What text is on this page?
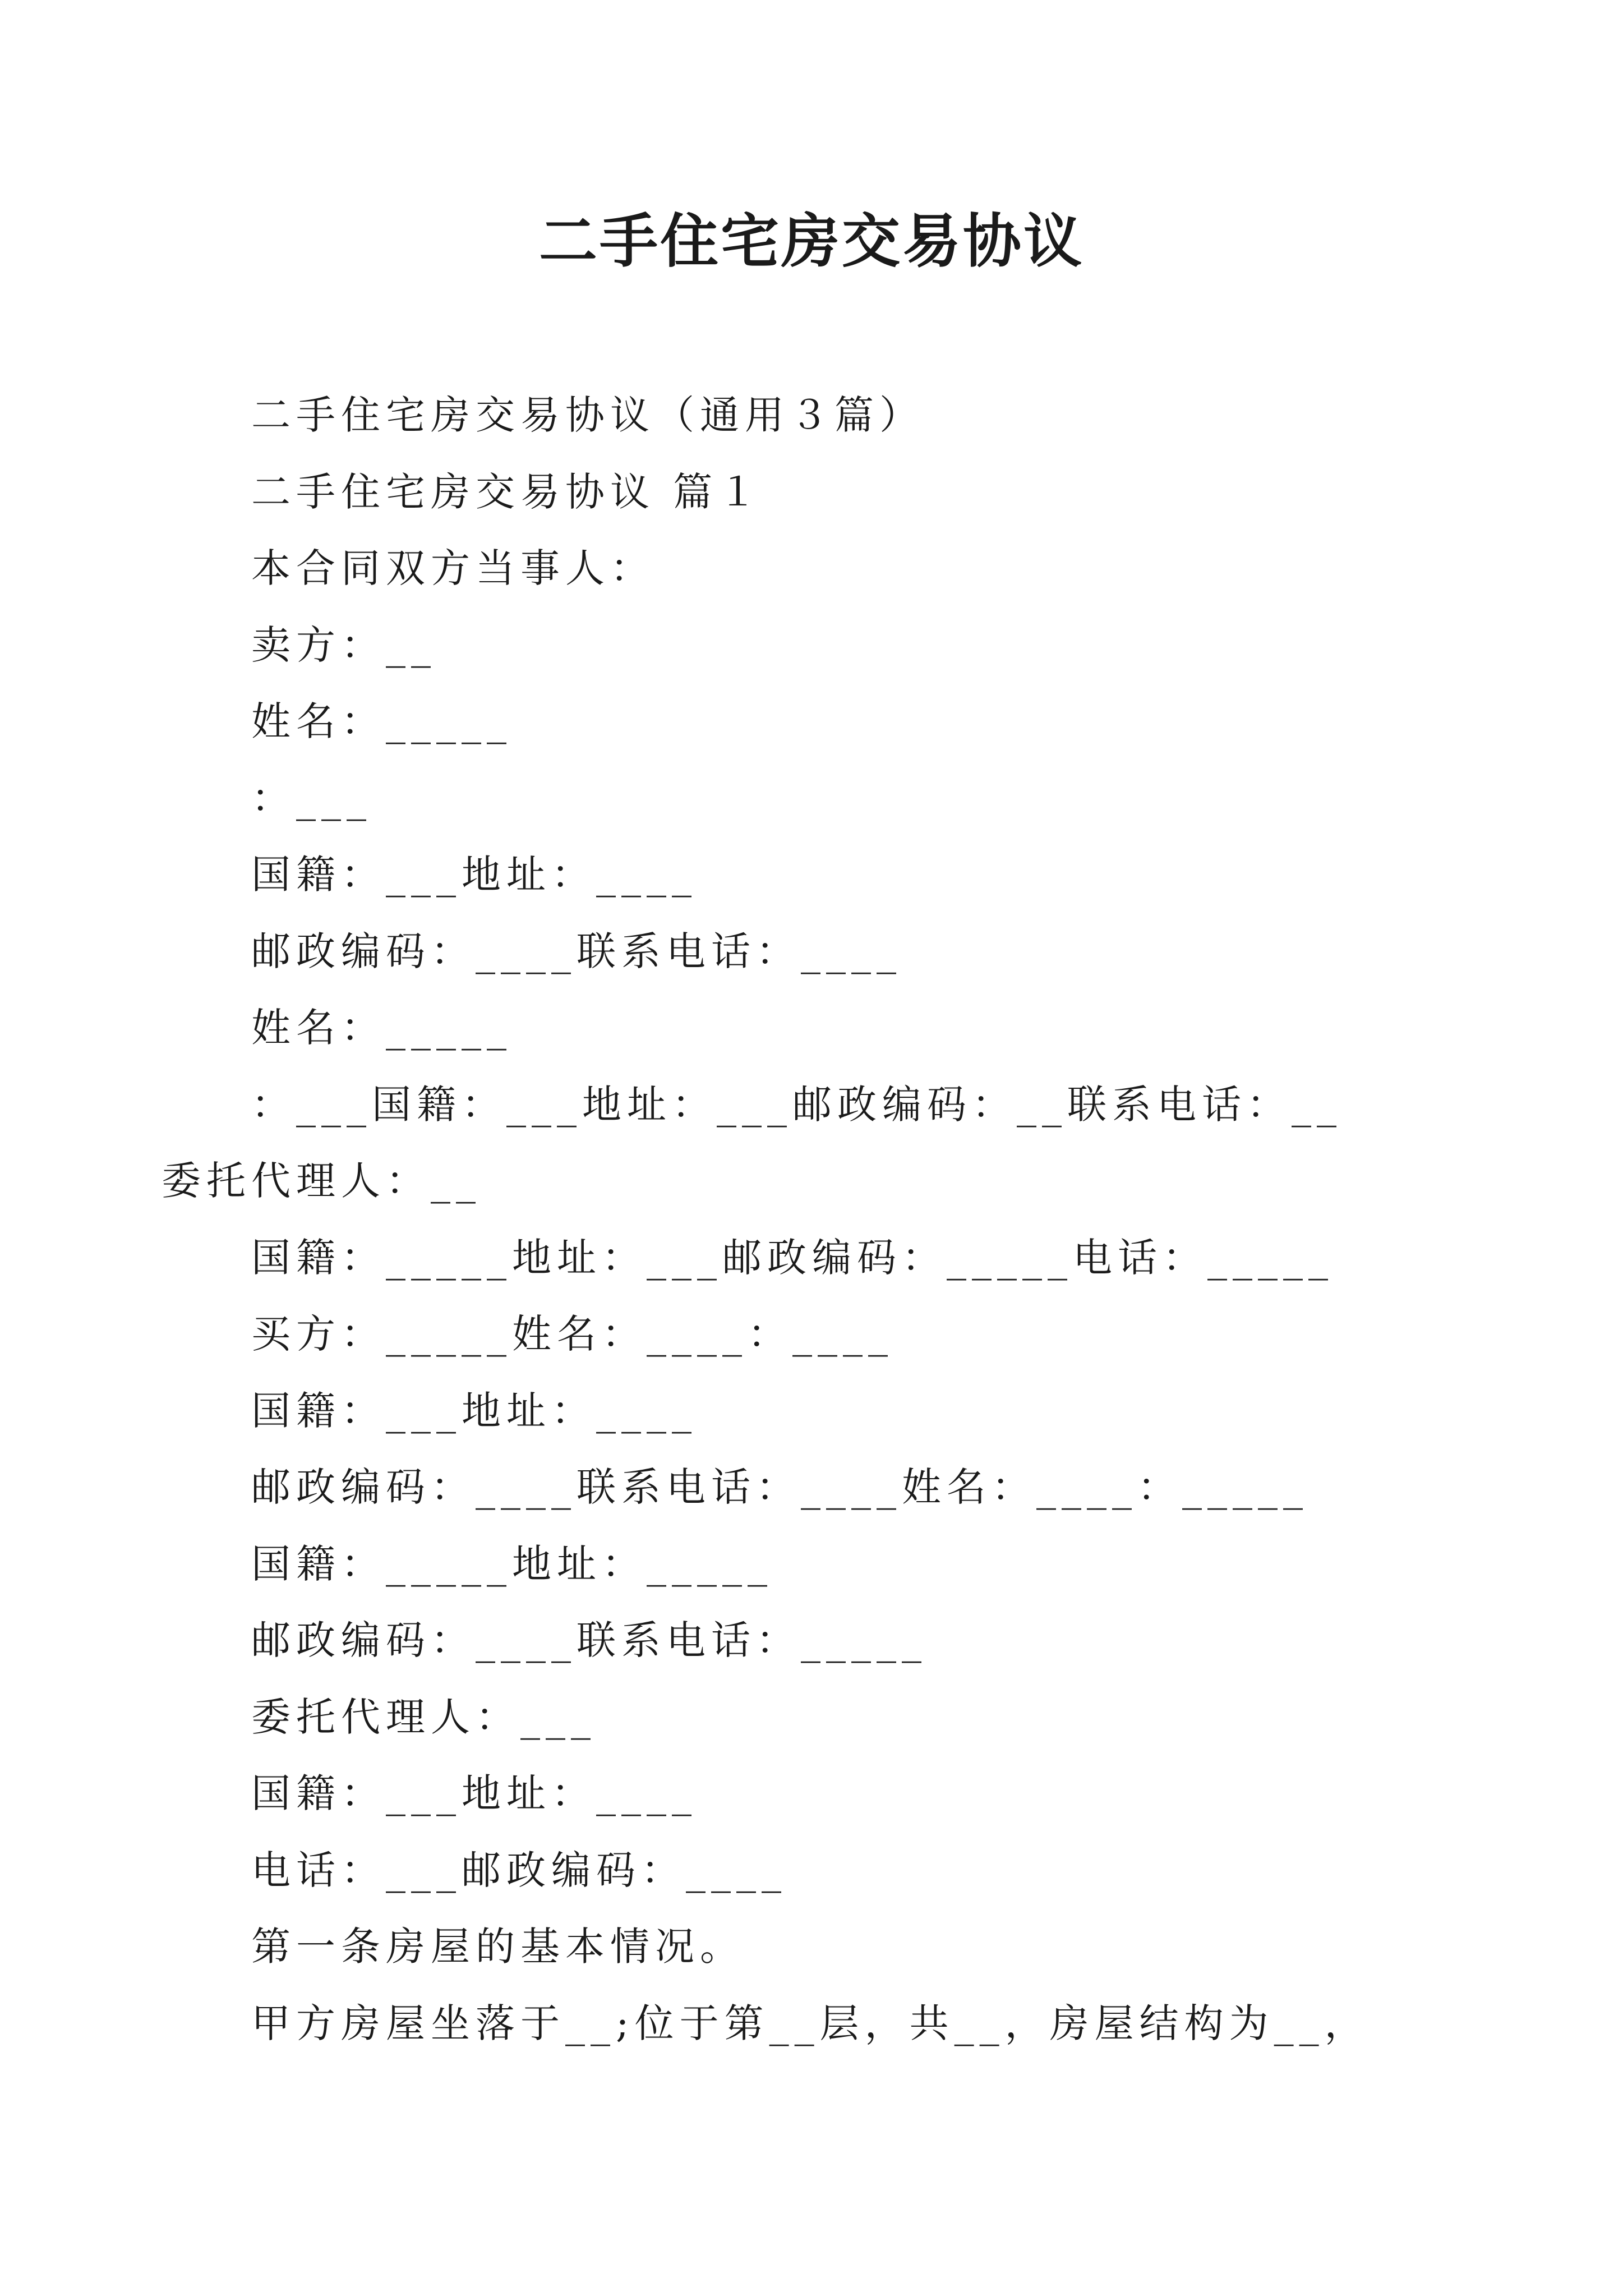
二手住宅房交易协议
二手住宅房交易协议（通用３篇）
二手住宅房交易协议 篇１
本合同双方当事人：
卖方：__
姓名：_____
：___
国籍：___地址：____
邮政编码：____联系电话：____
姓名：_____
：___国籍：___地址：___邮政编码：__联系电话：__
委托代理人：__
国籍：_____地址：___邮政编码：_____电话：_____
买方：_____姓名：____：____
国籍：___地址：____
邮政编码：____联系电话：____姓名：____：_____
国籍：_____地址：_____
邮政编码：____联系电话：_____
委托代理人：___
国籍：___地址：____
电话：___邮政编码：____
第一条房屋的基本情况。
甲方房屋坐落于__;位于第__层，共__，房屋结构为__，
